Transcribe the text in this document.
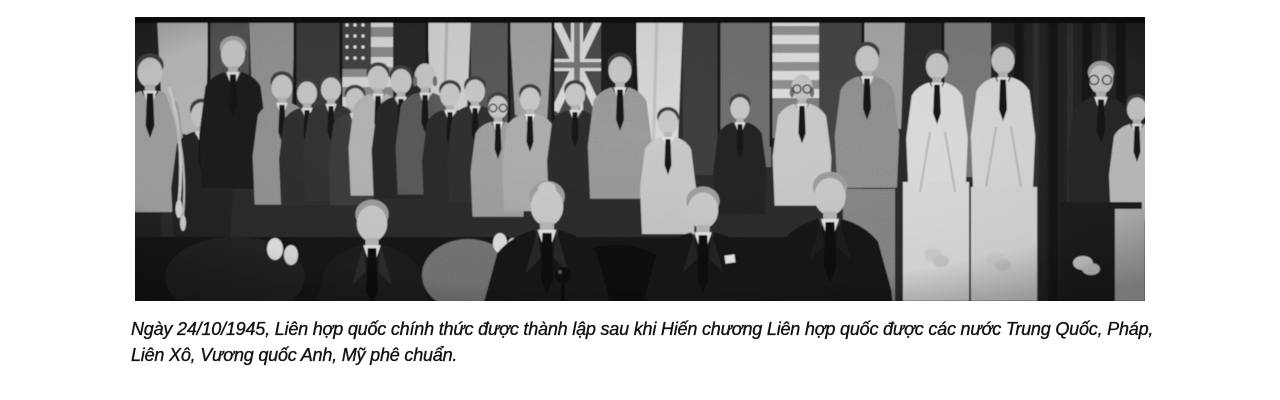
Ngày 24/10/1945, Liên hợp quốc chính thức được thành lập sau khi Hiến chương Liên hợp quốc được các nước Trung Quốc, Pháp, Liên Xô, Vương quốc Anh, Mỹ phê chuẩn.
